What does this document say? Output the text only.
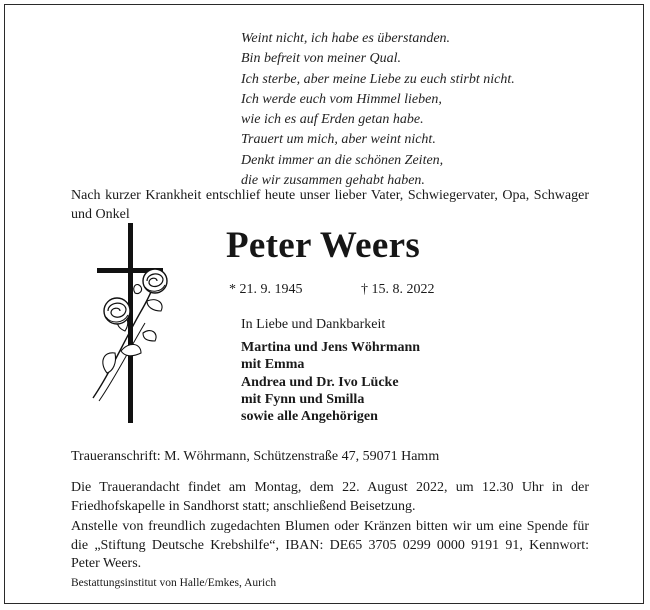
Weint nicht, ich habe es überstanden.
Bin befreit von meiner Qual.
Ich sterbe, aber meine Liebe zu euch stirbt nicht.
Ich werde euch vom Himmel lieben,
wie ich es auf Erden getan habe.
Trauert um mich, aber weint nicht.
Denkt immer an die schönen Zeiten,
die wir zusammen gehabt haben.
Nach kurzer Krankheit entschlief heute unser lieber Vater, Schwiegervater, Opa, Schwager und Onkel
Peter Weers
* 21. 9. 1945	† 15. 8. 2022
In Liebe und Dankbarkeit
Martina und Jens Wöhrmann
mit Emma
Andrea und Dr. Ivo Lücke
mit Fynn und Smilla
sowie alle Angehörigen
Traueranschrift: M. Wöhrmann, Schützenstraße 47, 59071 Hamm
Die Trauerandacht findet am Montag, dem 22. August 2022, um 12.30 Uhr in der Friedhofskapelle in Sandhorst statt; anschließend Beisetzung.
Anstelle von freundlich zugedachten Blumen oder Kränzen bitten wir um eine Spende für die „Stiftung Deutsche Krebshilfe“, IBAN: DE65 3705 0299 0000 9191 91, Kennwort: Peter Weers.
Bestattungsinstitut von Halle/Emkes, Aurich
